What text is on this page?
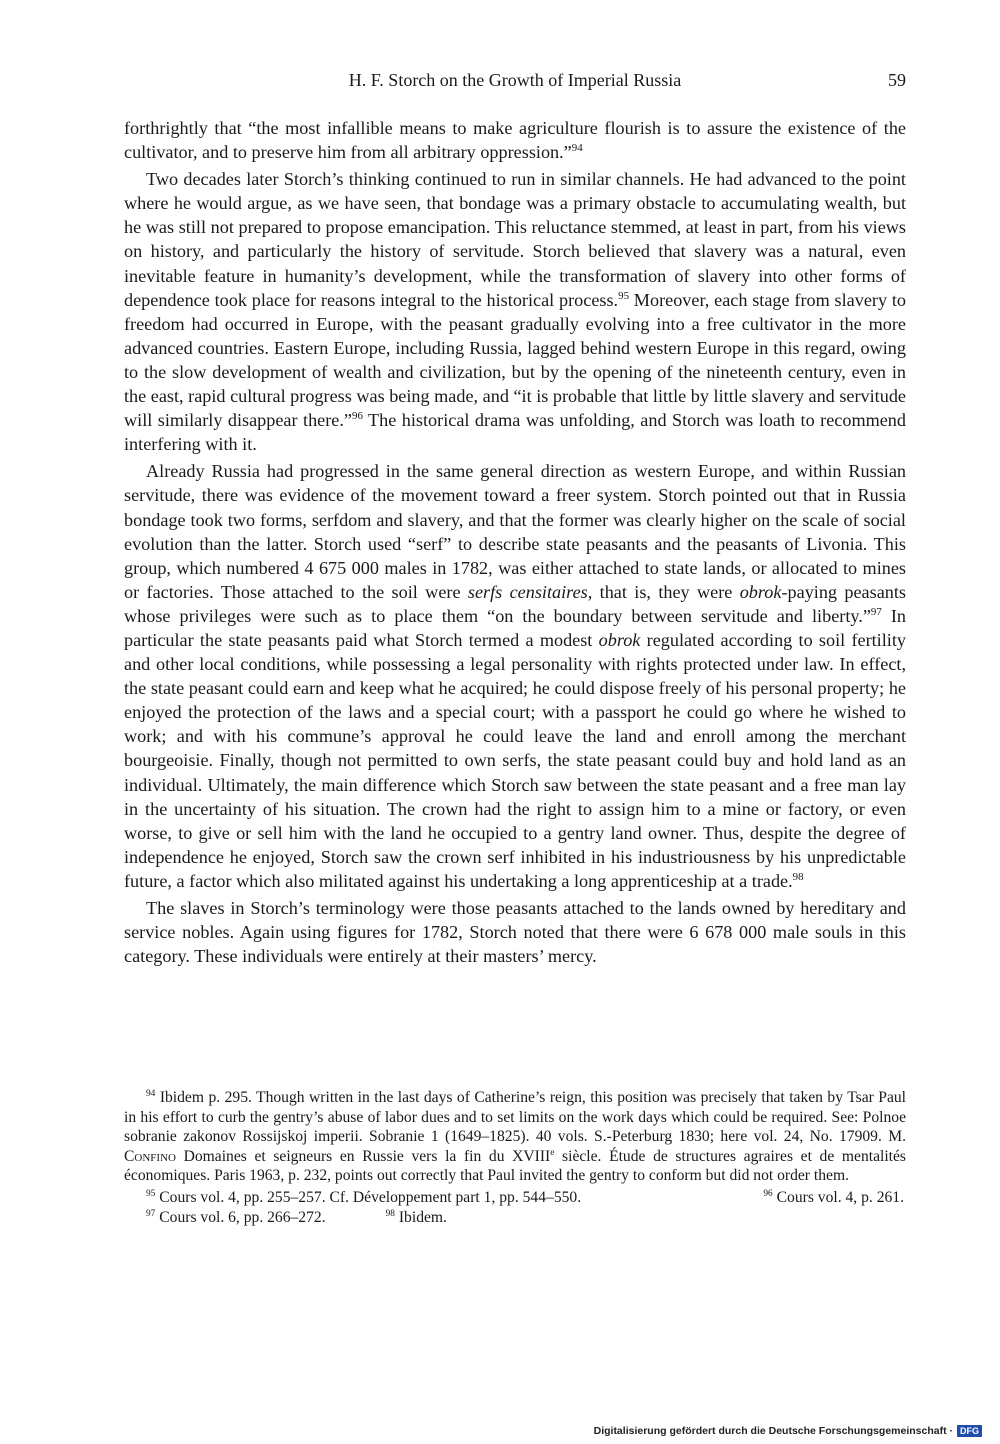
H. F. Storch on the Growth of Imperial Russia	59

forthrightly that “the most infallible means to make agriculture flourish is to assure the existence of the cultivator, and to preserve him from all arbitrary oppression.”$^{94}$

Two decades later Storch’s thinking continued to run in similar channels. He had advanced to the point where he would argue, as we have seen, that bondage was a primary obstacle to accumulating wealth, but he was still not prepared to propose emancipation. This reluctance stemmed, at least in part, from his views on history, and particularly the history of servitude. Storch believed that slavery was a natural, even inevitable feature in humanity’s development, while the transformation of slavery into other forms of dependence took place for reasons integral to the historical process.$^{95}$ Moreover, each stage from slavery to freedom had occurred in Europe, with the peasant gradually evolving into a free cultivator in the more advanced countries. Eastern Europe, including Russia, lagged behind western Europe in this regard, owing to the slow development of wealth and civilization, but by the opening of the nineteenth century, even in the east, rapid cultural progress was being made, and “it is probable that little by little slavery and servitude will similarly disappear there.”$^{96}$ The historical drama was unfolding, and Storch was loath to recommend interfering with it.

Already Russia had progressed in the same general direction as western Europe, and within Russian servitude, there was evidence of the movement toward a freer system. Storch pointed out that in Russia bondage took two forms, serfdom and slavery, and that the former was clearly higher on the scale of social evolution than the latter. Storch used “serf” to describe state peasants and the peasants of Livonia. This group, which numbered 4 675 000 males in 1782, was either attached to state lands, or allocated to mines or factories. Those attached to the soil were serfs censitaires, that is, they were obrok-paying peasants whose privileges were such as to place them “on the boundary between servitude and liberty.”$^{97}$ In particular the state peasants paid what Storch termed a modest obrok regulated according to soil fertility and other local conditions, while possessing a legal personality with rights protected under law. In effect, the state peasant could earn and keep what he acquired; he could dispose freely of his personal property; he enjoyed the protection of the laws and a special court; with a passport he could go where he wished to work; and with his commune’s approval he could leave the land and enroll among the merchant bourgeoisie. Finally, though not permitted to own serfs, the state peasant could buy and hold land as an individual. Ultimately, the main difference which Storch saw between the state peasant and a free man lay in the uncertainty of his situation. The crown had the right to assign him to a mine or factory, or even worse, to give or sell him with the land he occupied to a gentry land owner. Thus, despite the degree of independence he enjoyed, Storch saw the crown serf inhibited in his industriousness by his unpredictable future, a factor which also militated against his undertaking a long apprenticeship at a trade.$^{98}$

The slaves in Storch’s terminology were those peasants attached to the lands owned by hereditary and service nobles. Again using figures for 1782, Storch noted that there were 6 678 000 male souls in this category. These individuals were entirely at their masters’ mercy.

$^{94}$ Ibidem p. 295. Though written in the last days of Catherine’s reign, this position was precisely that taken by Tsar Paul in his effort to curb the gentry’s abuse of labor dues and to set limits on the work days which could be required. See: Polnoe sobranie zakonov Rossijskoj imperii. Sobranie 1 (1649–1825). 40 vols. S.-Peterburg 1830; here vol. 24, No. 17909. M. Confino Domaines et seigneurs en Russie vers la fin du XVIIIe siècle. Étude de structures agraires et de mentalités économiques. Paris 1963, p. 232, points out correctly that Paul invited the gentry to conform but did not order them.

$^{95}$ Cours vol. 4, pp. 255–257. Cf. Développement part 1, pp. 544–550.	$^{96}$ Cours vol. 4, p. 261.
$^{97}$ Cours vol. 6, pp. 266–272.	$^{98}$ Ibidem.
Digitalisierung gefördert durch die Deutsche Forschungsgemeinschaft · DFG
